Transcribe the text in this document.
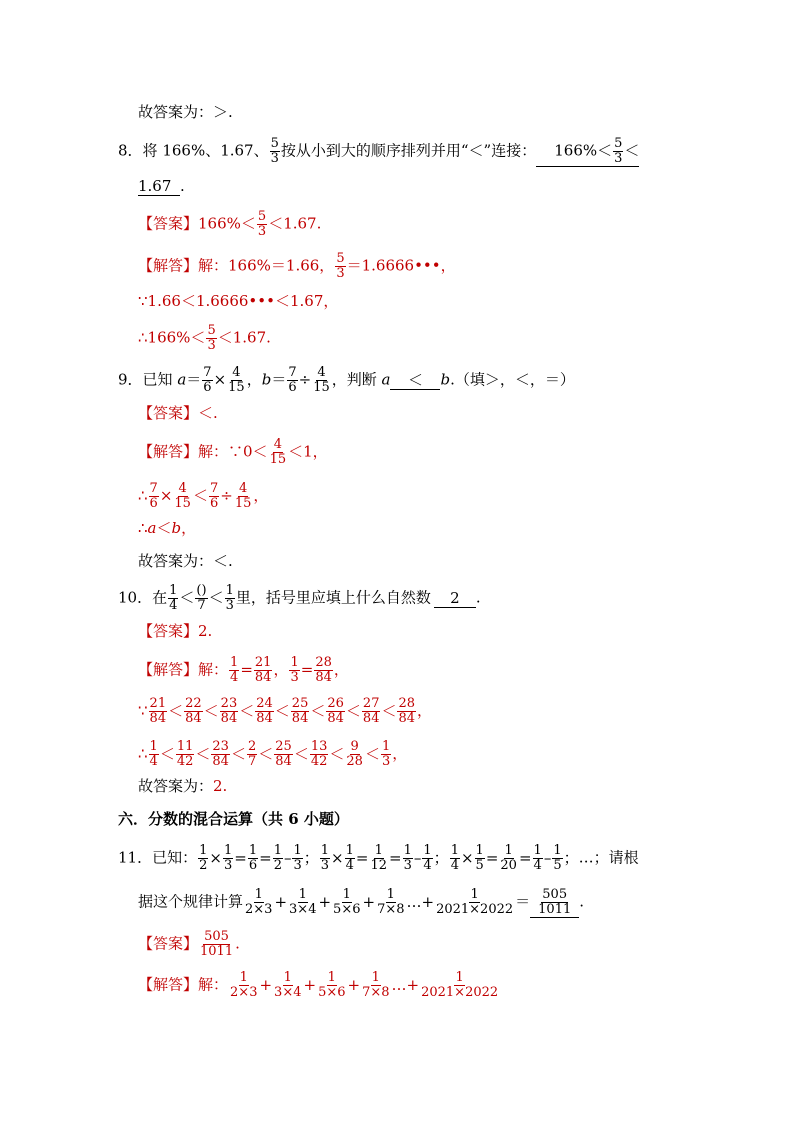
故答案为：＞.
8．将 166%、1.67、 $\frac{5}{3}$ 按从小到大的顺序排列并用“＜”连接： $166\%< \frac{5}{3}$ ＜
1.67 .
【答案】$166\%< \frac{5}{3} <1.67$.
【解答】解：166%＝1.66， $\frac{5}{3}$ ＝1.6666•••，
∵1.66＜1.6666•••＜1.67，
∴166%＜ $\frac{5}{3} <1.67$.
9．已知 $a= \frac{7}{6} \times \frac{4}{15}$ ，$b= \frac{7}{6} \div \frac{4}{15}$ ，判断 a ＜ b.（填＞，＜，＝）
【答案】＜.
【解答】解：∵0＜ $\frac{4}{15} <1$，
∴ $\frac{7}{6} \times \frac{4}{15} < \frac{7}{6} \div \frac{4}{15}$ ，
∴a＜b，
故答案为：＜.
10．在 $\frac{1}{4} < \frac{()}{7} < \frac{1}{3}$ 里，括号里应填上什么自然数 2 .
【答案】2.
【解答】解： $\frac{1}{4} = \frac{21}{84}$ ， $\frac{1}{3} = \frac{28}{84}$ ，
∵ $\frac{21}{84} < \frac{22}{84} < \frac{23}{84} < \frac{24}{84} < \frac{25}{84} < \frac{26}{84} < \frac{27}{84} < \frac{28}{84}$ ，
∴ $\frac{1}{4} < \frac{11}{42} < \frac{23}{84} < \frac{2}{7} < \frac{25}{84} < \frac{13}{42} < \frac{9}{28} < \frac{1}{3}$ ，
故答案为：2.
六．分数的混合运算（共 6 小题）
11．已知： $\frac{1}{2} \times \frac{1}{3} = \frac{1}{6} = \frac{1}{2} - \frac{1}{3}$ ； $\frac{1}{3} \times \frac{1}{4} = \frac{1}{12} = \frac{1}{3} - \frac{1}{4}$ ； $\frac{1}{4} \times \frac{1}{5} = \frac{1}{20} = \frac{1}{4} - \frac{1}{5}$ ；…；请根
据这个规律计算 $\frac{1}{2\times 3} + \frac{1}{3\times 4} + \frac{1}{5\times 6} + \frac{1}{7\times 8}$ …+ $\frac{1}{2021\times 2022} = \frac{505}{1011}$ .
【答案】 $\frac{505}{1011}$ .
【解答】解： $\frac{1}{2\times 3} + \frac{1}{3\times 4} + \frac{1}{5\times 6} + \frac{1}{7\times 8}$ …+ $\frac{1}{2021\times 2022}$
